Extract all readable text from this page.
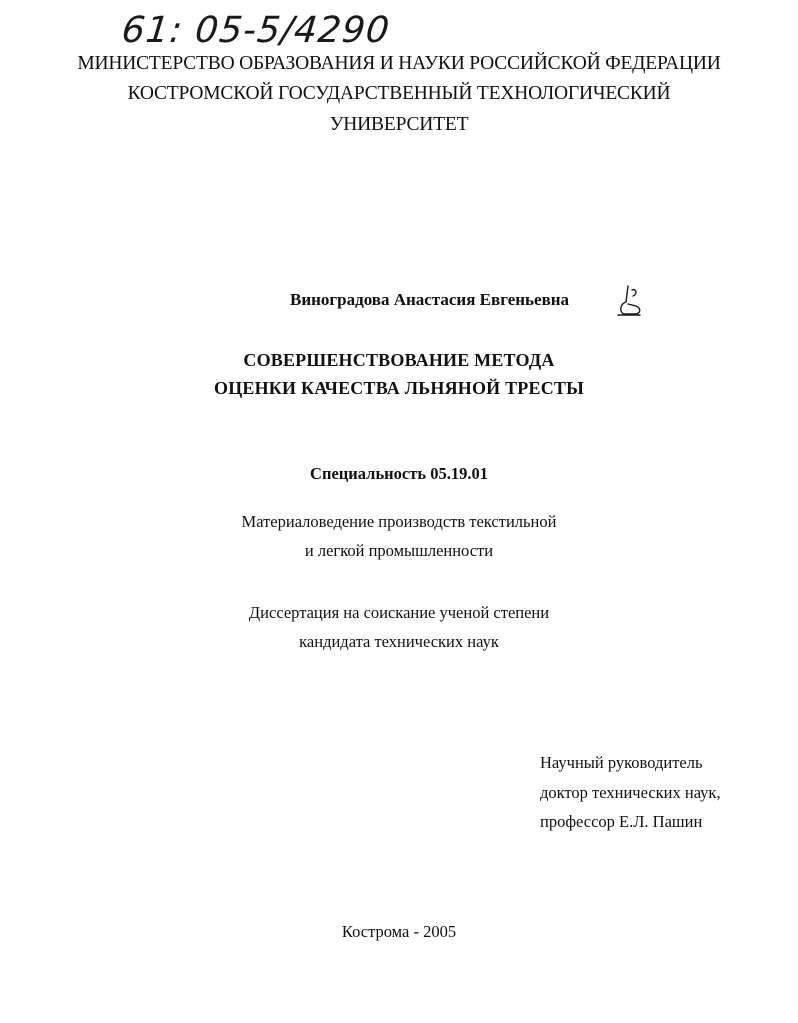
61: 05-5/4290
МИНИСТЕРСТВО ОБРАЗОВАНИЯ И НАУКИ РОССИЙСКОЙ ФЕДЕРАЦИИ
КОСТРОМСКОЙ ГОСУДАРСТВЕННЫЙ ТЕХНОЛОГИЧЕСКИЙ
УНИВЕРСИТЕТ
Виноградова Анастасия Евгеньевна
СОВЕРШЕНСТВОВАНИЕ МЕТОДА
ОЦЕНКИ КАЧЕСТВА ЛЬНЯНОЙ ТРЕСТЫ
Специальность 05.19.01
Материаловедение производств текстильной
и легкой промышленности
Диссертация на соискание ученой степени
кандидата технических наук
Научный руководитель
доктор технических наук,
профессор Е.Л. Пашин
Кострома - 2005
